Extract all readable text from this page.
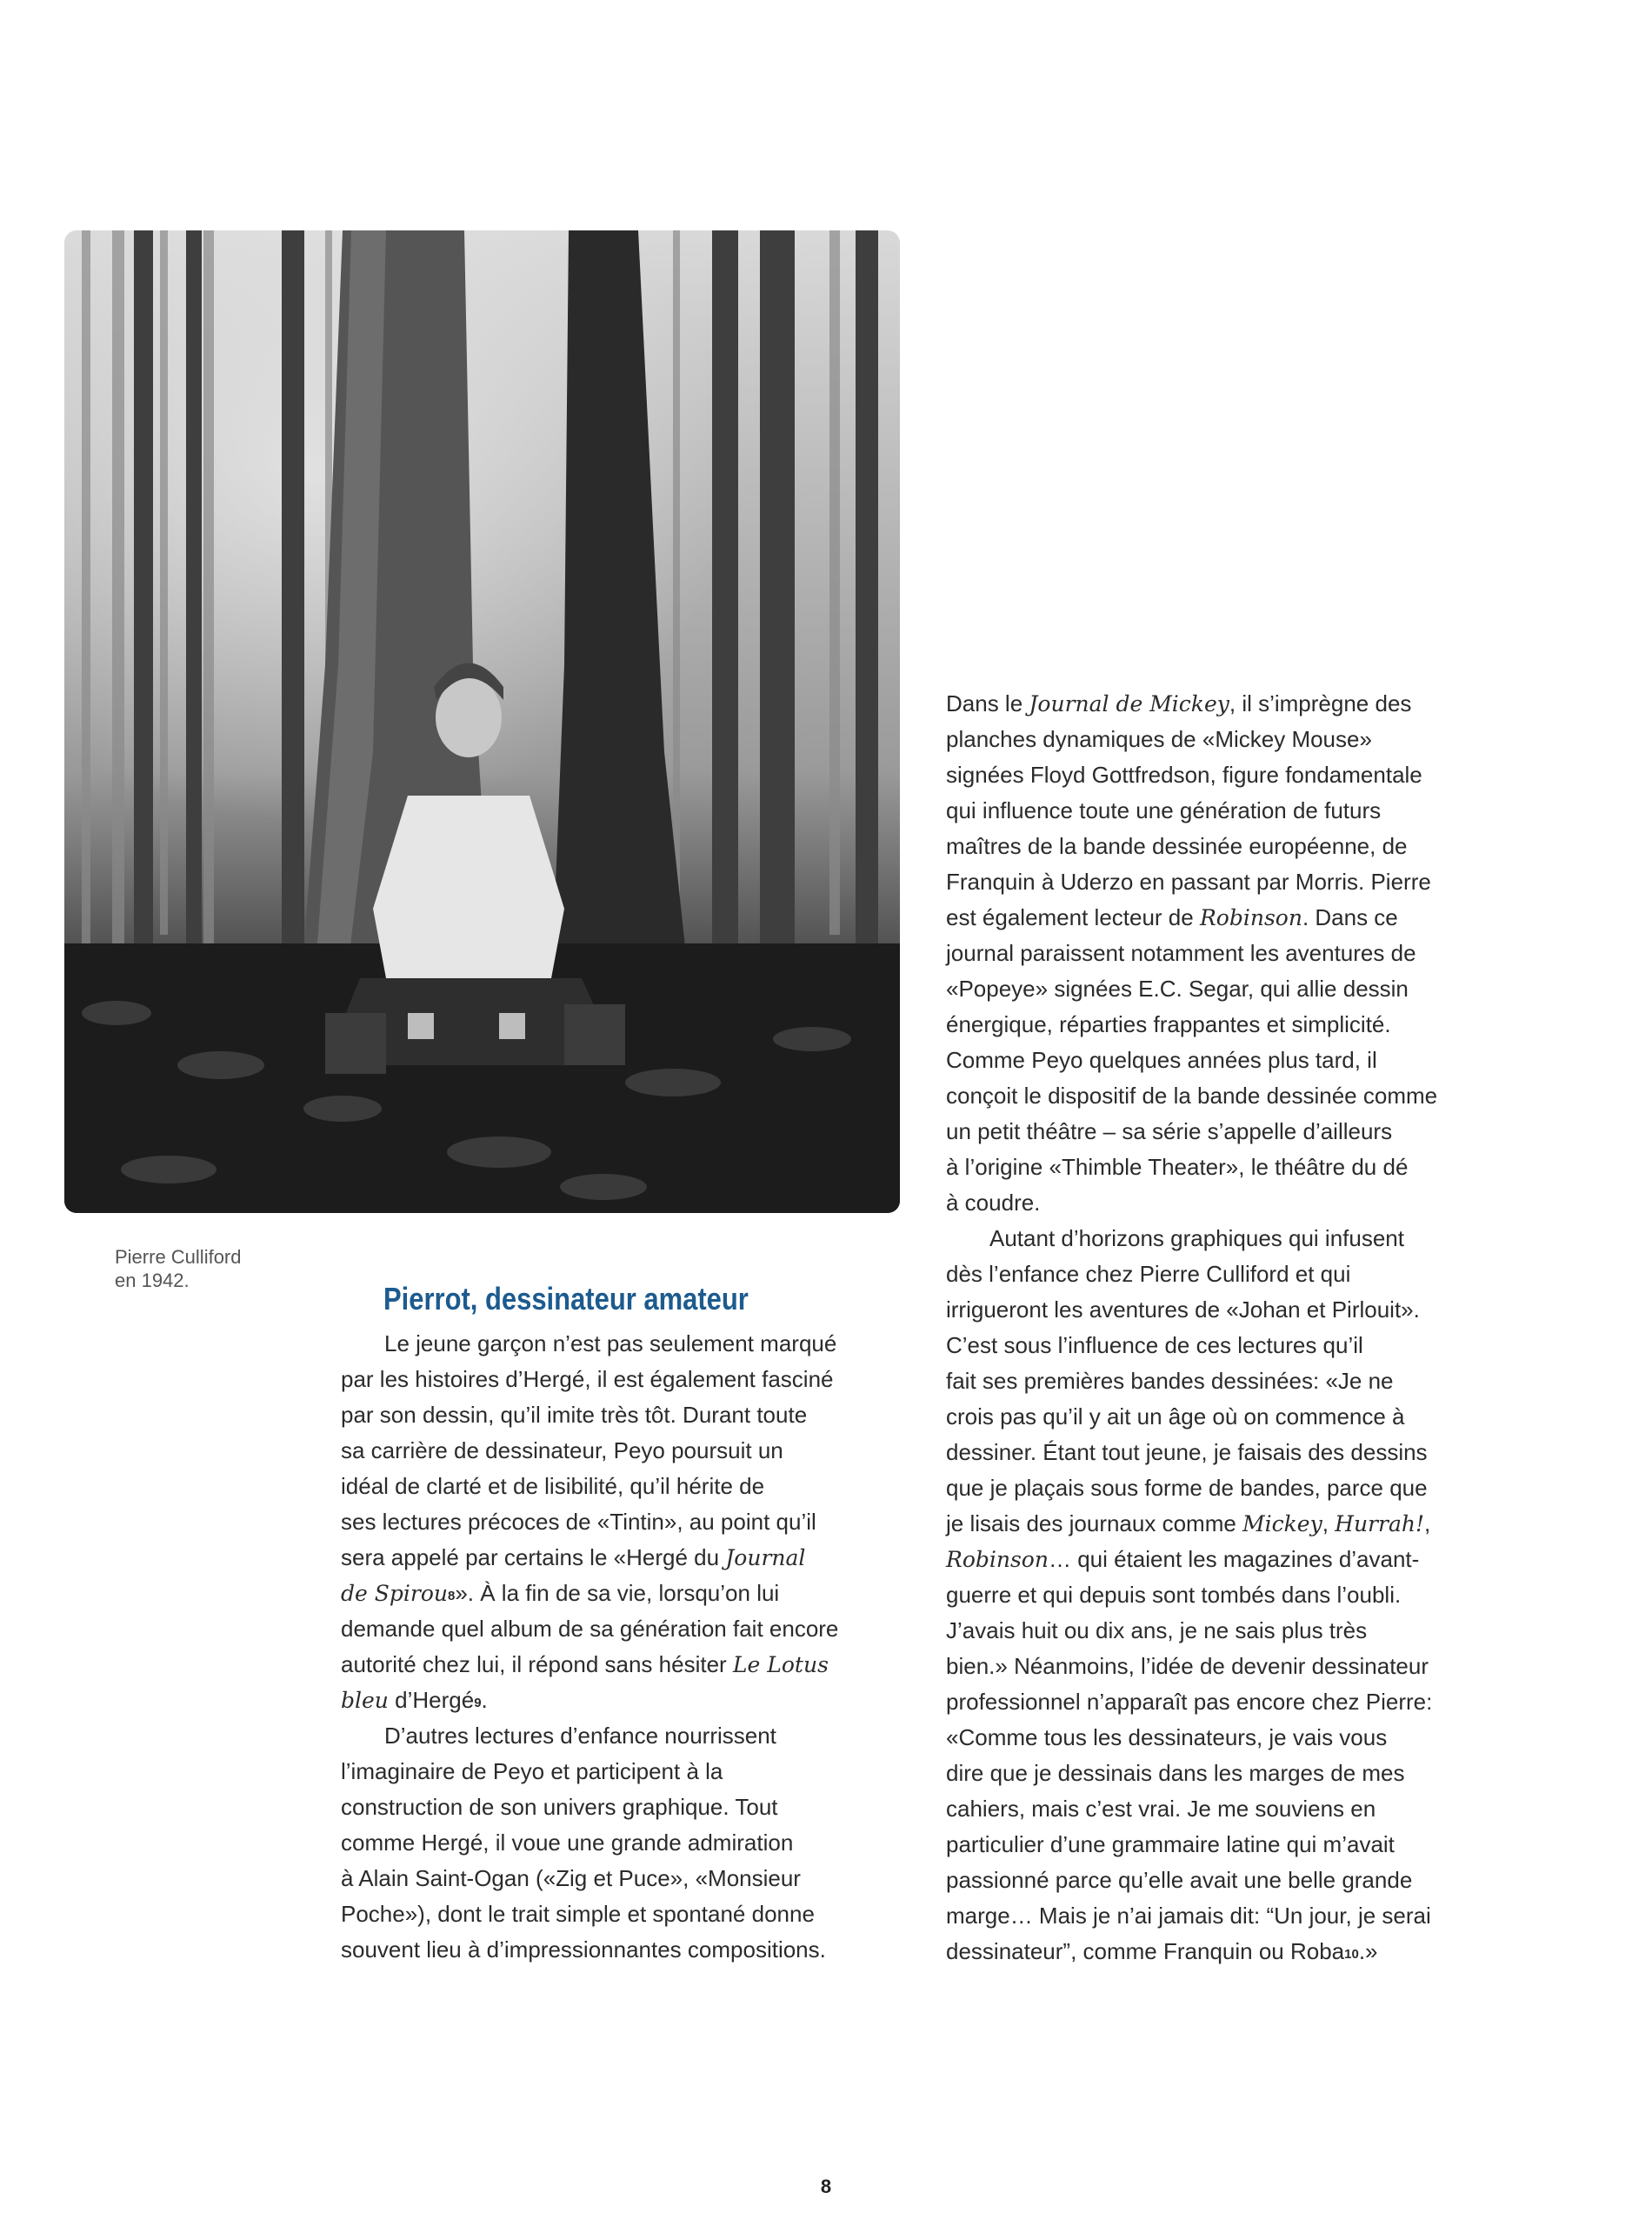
Pierre Culliford
en 1942.
Pierrot, dessinateur amateur
Le jeune garçon n’est pas seulement marqué
par les histoires d’Hergé, il est également fasciné
par son dessin, qu’il imite très tôt. Durant toute
sa carrière de dessinateur, Peyo poursuit un
idéal de clarté et de lisibilité, qu’il hérite de
ses lectures précoces de «Tintin», au point qu’il
sera appelé par certains le «Hergé du Journal
de Spirou$^8$». À la fin de sa vie, lorsqu’on lui
demande quel album de sa génération fait encore
autorité chez lui, il répond sans hésiter Le Lotus
bleu d’Hergé$^9$.
D’autres lectures d’enfance nourrissent
l’imaginaire de Peyo et participent à la
construction de son univers graphique. Tout
comme Hergé, il voue une grande admiration
à Alain Saint-Ogan («Zig et Puce», «Monsieur
Poche»), dont le trait simple et spontané donne
souvent lieu à d’impressionnantes compositions.
Dans le Journal de Mickey, il s’imprègne des
planches dynamiques de «Mickey Mouse»
signées Floyd Gottfredson, figure fondamentale
qui influence toute une génération de futurs
maîtres de la bande dessinée européenne, de
Franquin à Uderzo en passant par Morris. Pierre
est également lecteur de Robinson. Dans ce
journal paraissent notamment les aventures de
«Popeye» signées E.C. Segar, qui allie dessin
énergique, réparties frappantes et simplicité.
Comme Peyo quelques années plus tard, il
conçoit le dispositif de la bande dessinée comme
un petit théâtre – sa série s’appelle d’ailleurs
à l’origine «Thimble Theater», le théâtre du dé
à coudre.
Autant d’horizons graphiques qui infusent
dès l’enfance chez Pierre Culliford et qui
irrigueront les aventures de «Johan et Pirlouit».
C’est sous l’influence de ces lectures qu’il
fait ses premières bandes dessinées: «Je ne
crois pas qu’il y ait un âge où on commence à
dessiner. Étant tout jeune, je faisais des dessins
que je plaçais sous forme de bandes, parce que
je lisais des journaux comme Mickey, Hurrah!,
Robinson… qui étaient les magazines d’avant-
guerre et qui depuis sont tombés dans l’oubli.
J’avais huit ou dix ans, je ne sais plus très
bien.» Néanmoins, l’idée de devenir dessinateur
professionnel n’apparaît pas encore chez Pierre:
«Comme tous les dessinateurs, je vais vous
dire que je dessinais dans les marges de mes
cahiers, mais c’est vrai. Je me souviens en
particulier d’une grammaire latine qui m’avait
passionné parce qu’elle avait une belle grande
marge… Mais je n’ai jamais dit: “Un jour, je serai
dessinateur”, comme Franquin ou Roba$^{10}$.»
8
